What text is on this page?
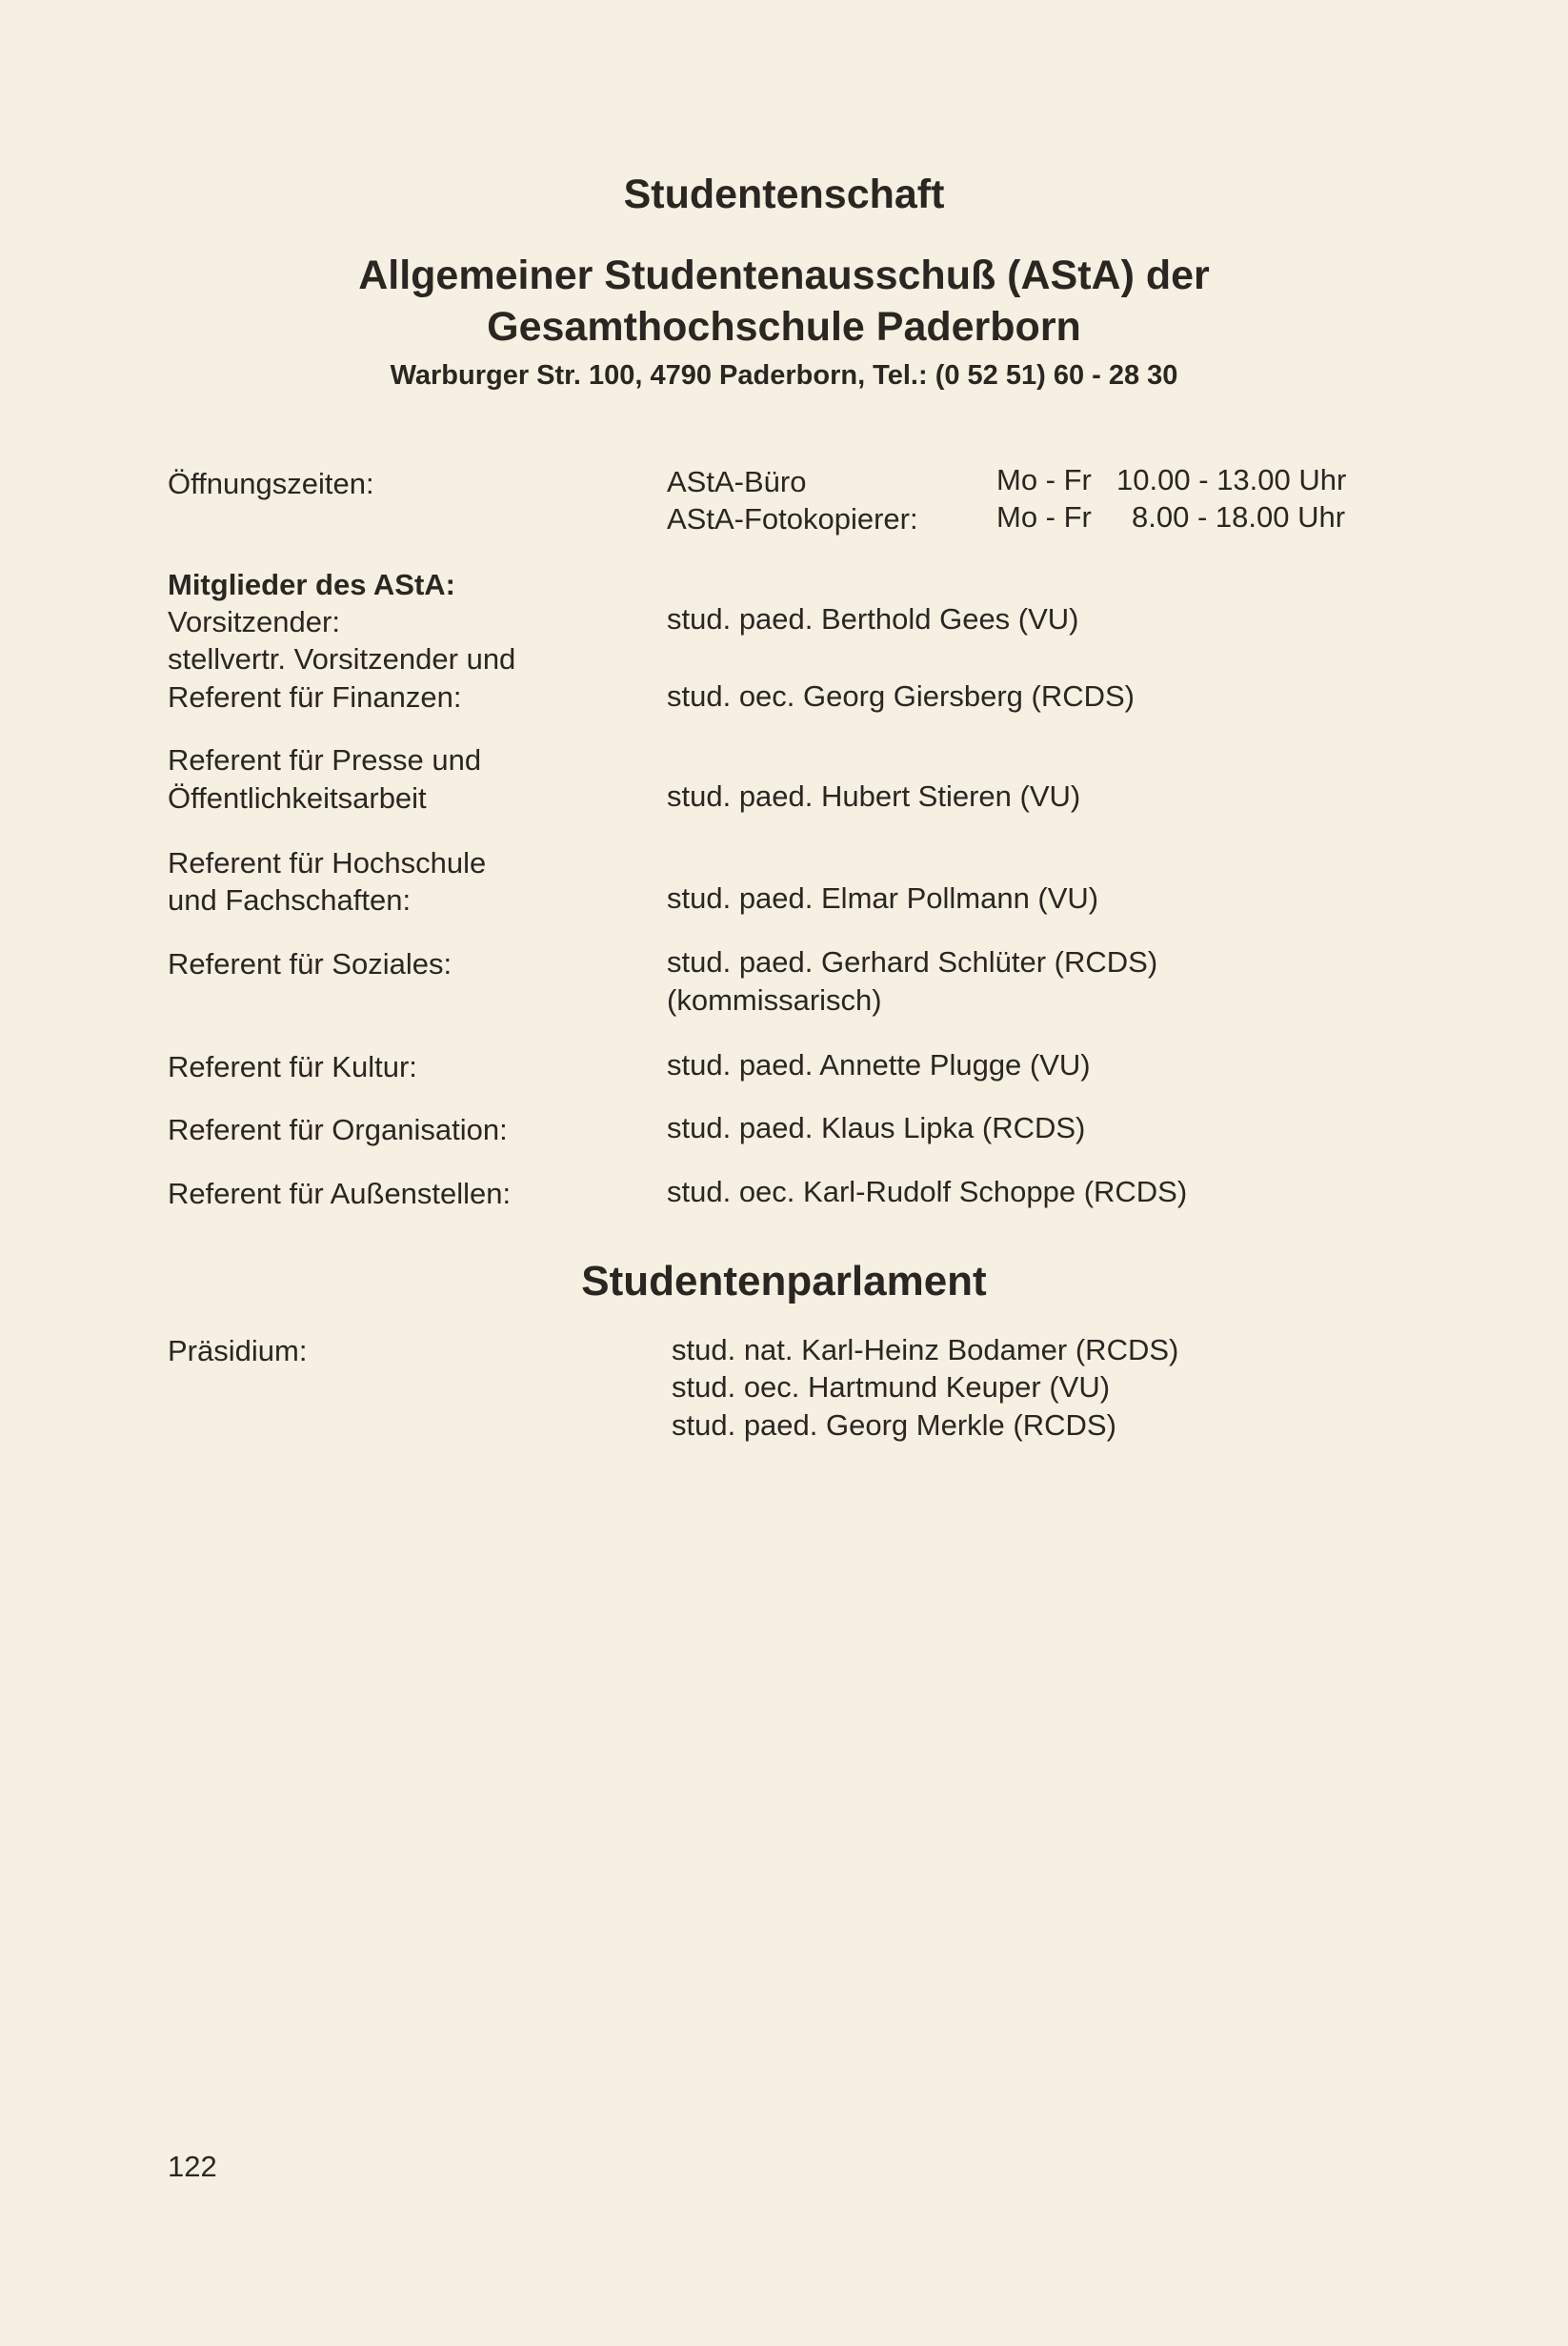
Studentenschaft
Allgemeiner Studentenausschuß (AStA) der
Gesamthochschule Paderborn
Warburger Str. 100, 4790 Paderborn, Tel.: (0 52 51) 60 - 28 30
Öffnungszeiten:	AStA-Büro	Mo - Fr 10.00 - 13.00 Uhr
AStA-Fotokopierer:	Mo - Fr 8.00 - 18.00 Uhr
Mitglieder des AStA:
Vorsitzender:	stud. paed. Berthold Gees (VU)
stellvertr. Vorsitzender und
Referent für Finanzen:	stud. oec. Georg Giersberg (RCDS)
Referent für Presse und
Öffentlichkeitsarbeit	stud. paed. Hubert Stieren (VU)
Referent für Hochschule
und Fachschaften:	stud. paed. Elmar Pollmann (VU)
Referent für Soziales:	stud. paed. Gerhard Schlüter (RCDS)
(kommissarisch)
Referent für Kultur:	stud. paed. Annette Plugge (VU)
Referent für Organisation:	stud. paed. Klaus Lipka (RCDS)
Referent für Außenstellen:	stud. oec. Karl-Rudolf Schoppe (RCDS)
Studentenparlament
Präsidium:	stud. nat. Karl-Heinz Bodamer (RCDS)
stud. oec. Hartmund Keuper (VU)
stud. paed. Georg Merkle (RCDS)
122
